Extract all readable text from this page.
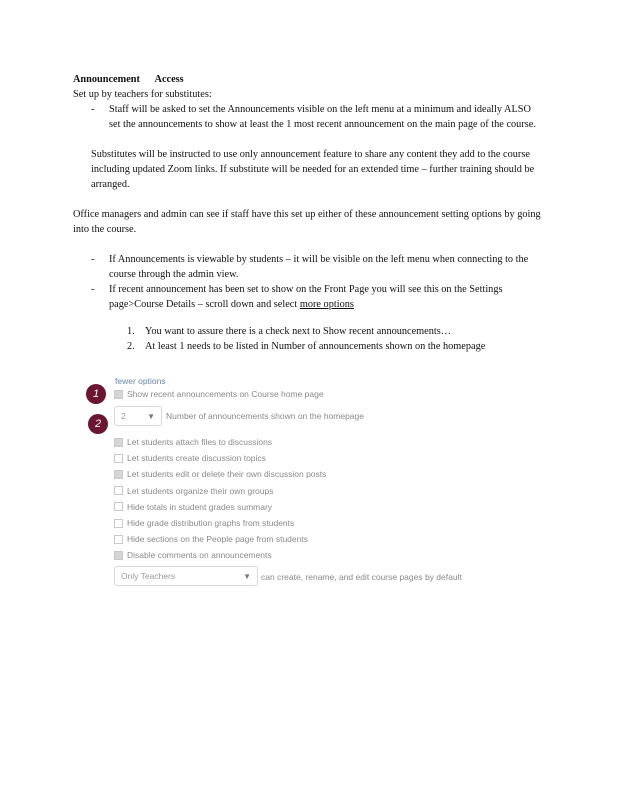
Announcement Access

Set up by teachers for substitutes:

- Staff will be asked to set the Announcements visible on the left menu at a minimum and ideally ALSO set the announcements to show at least the 1 most recent announcement on the main page of the course.
Substitutes will be instructed to use only announcement feature to share any content they add to the course including updated Zoom links. If substitute will be needed for an extended time – further training should be arranged.

Office managers and admin can see if staff have this set up either of these announcement setting options by going into the course.

- If Announcements is viewable by students – it will be visible on the left menu when connecting to the course through the admin view.
- If recent announcement has been set to show on the Front Page you will see this on the Settings page>Course Details – scroll down and select more options
1. You want to assure there is a check next to Show recent announcements…
2. At least 1 needs to be listed in Number of announcements shown on the homepage
fewer options
1
2
Show recent announcements on Course home page
2	▼ Number of announcements shown on the homepage
Let students attach files to discussions
Let students create discussion topics
Let students edit or delete their own discussion posts
Let students organize their own groups
Hide totals in student grades summary
Hide grade distribution graphs from students
Hide sections on the People page from students
Disable comments on announcements
Only Teachers	▼ can create, rename, and edit course pages by default
